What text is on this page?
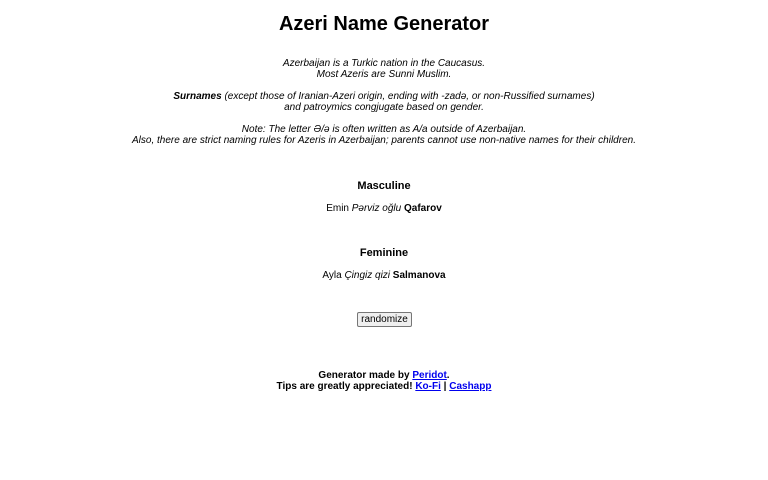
Azeri Name Generator

Azerbaijan is a Turkic nation in the Caucasus.

Most Azeris are Sunni Muslim.

Surnames (except those of Iranian-Azeri origin, ending with -zadə, or non-Russified surnames)

and patroymics congjugate based on gender.

Note: The letter Ə/ə is often written as A/a outside of Azerbaijan.

Also, there are strict naming rules for Azeris in Azerbaijan; parents cannot use non-native names for their children.

Masculine
Emin Pərviz oğlu Qafarov
Feminine
Ayla Çingiz qizi Salmanova
randomize

Generator made by Peridot.

Tips are greatly appreciated! Ko-Fi | Cashapp
